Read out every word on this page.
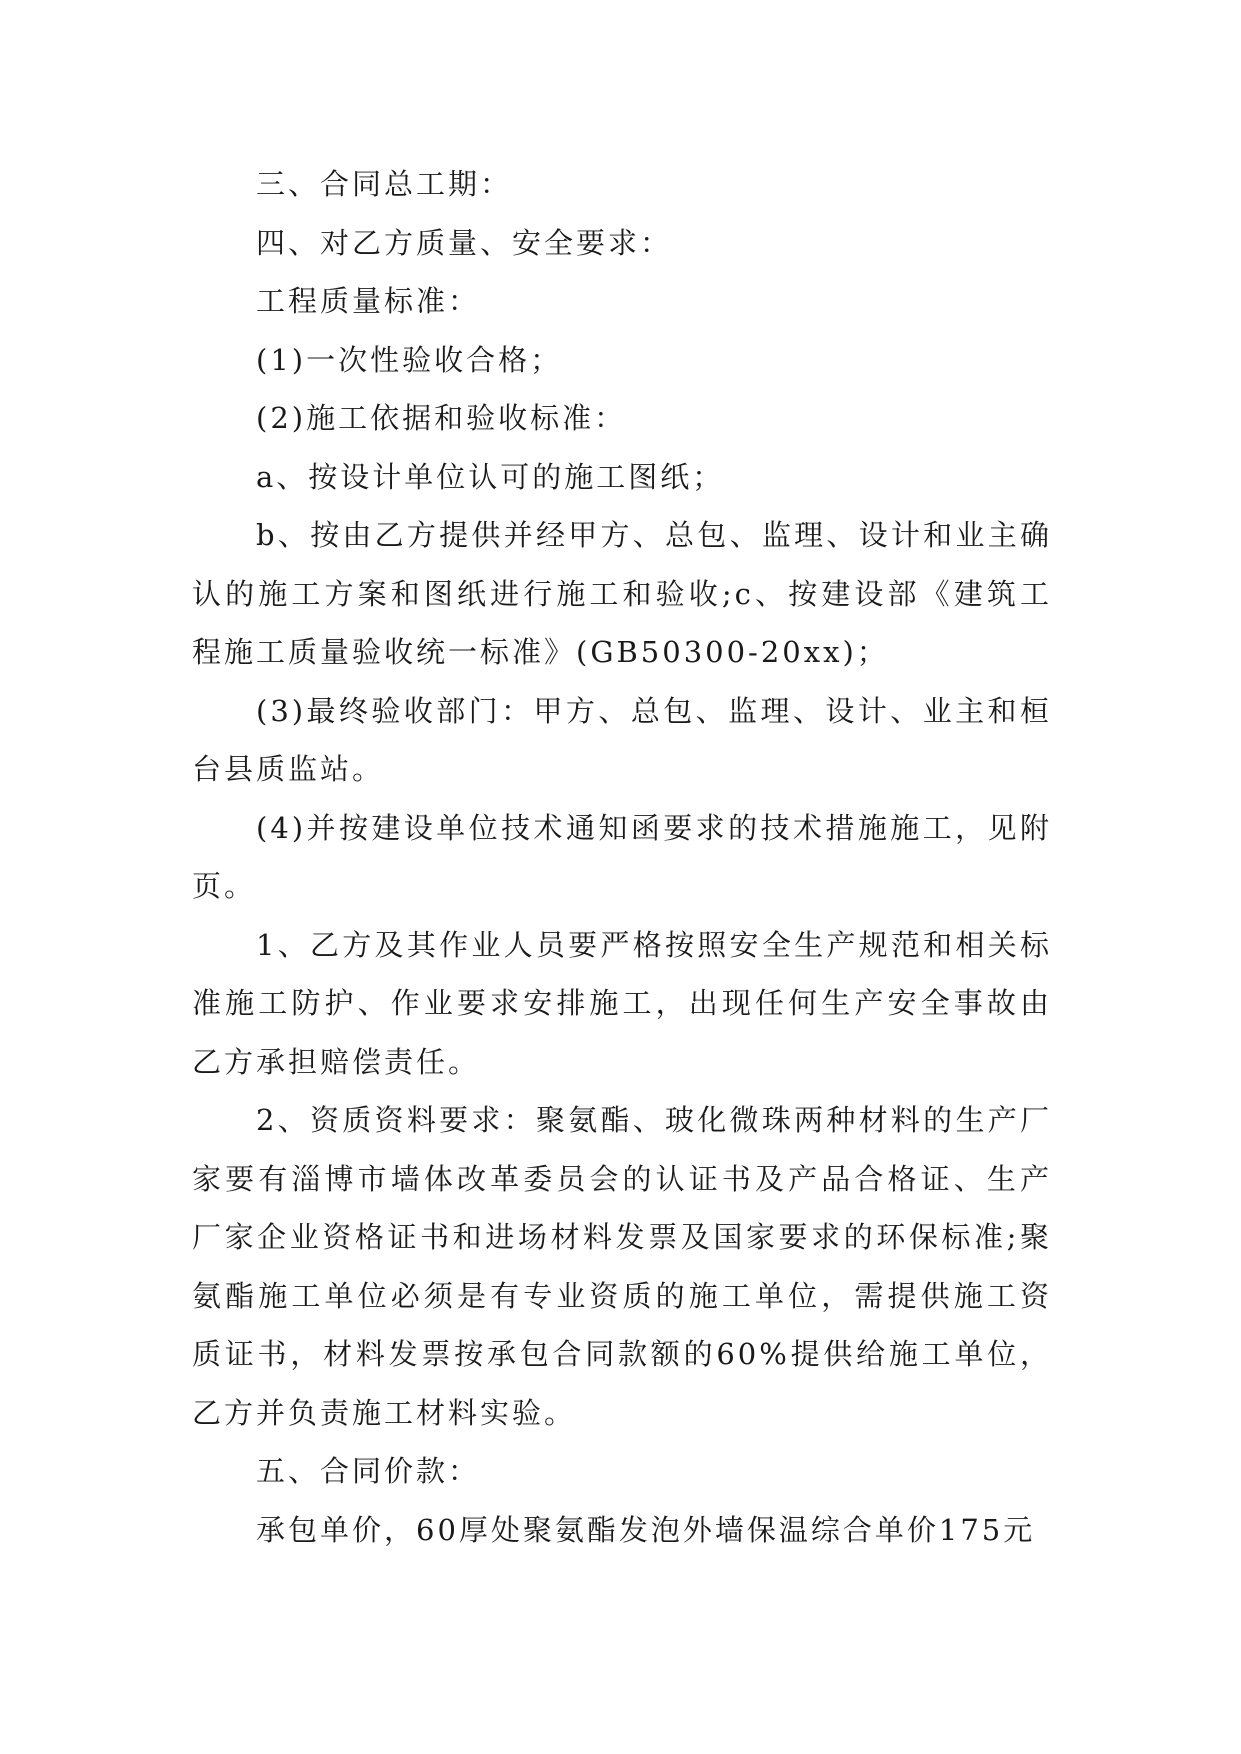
三、合同总工期：

四、对乙方质量、安全要求：

工程质量标准：

(1)一次性验收合格；

(2)施工依据和验收标准：

a、按设计单位认可的施工图纸；

b、按由乙方提供并经甲方、总包、监理、设计和业主确认的施工方案和图纸进行施工和验收;c、按建设部《建筑工程施工质量验收统一标准》(GB50300-20xx)；

(3)最终验收部门：甲方、总包、监理、设计、业主和桓台县质监站。

(4)并按建设单位技术通知函要求的技术措施施工，见附页。

1、乙方及其作业人员要严格按照安全生产规范和相关标准施工防护、作业要求安排施工，出现任何生产安全事故由乙方承担赔偿责任。

2、资质资料要求：聚氨酯、玻化微珠两种材料的生产厂家要有淄博市墙体改革委员会的认证书及产品合格证、生产厂家企业资格证书和进场材料发票及国家要求的环保标准;聚氨酯施工单位必须是有专业资质的施工单位，需提供施工资质证书，材料发票按承包合同款额的60%提供给施工单位，乙方并负责施工材料实验。

五、合同价款：

承包单价，60厚处聚氨酯发泡外墙保温综合单价175元
